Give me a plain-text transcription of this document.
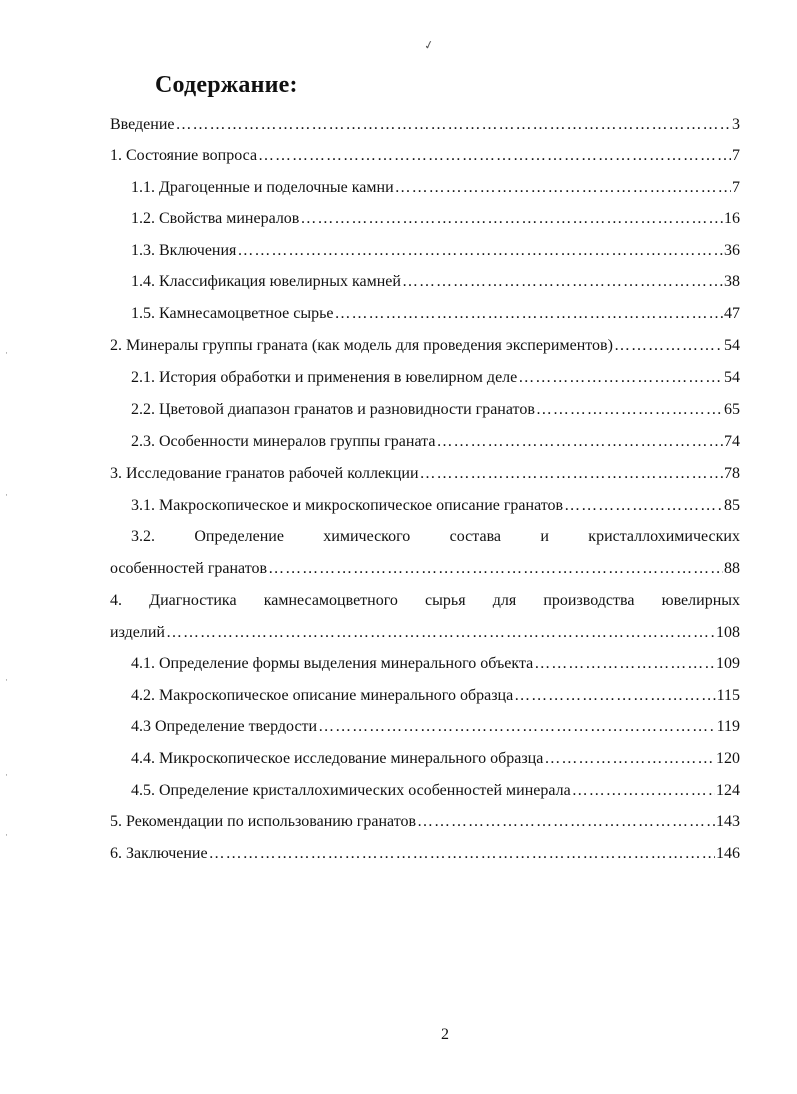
✓
Содержание:
Введение ………………………………………………………………………………………………………………………………………………………………………………………………………………	3
1. Состояние вопроса ………………………………………………………………………………………………………………………………………………………………………………………………………………	7
1.1. Драгоценные и поделочные камни ………………………………………………………………………………………………………………………………………………………………………………………………………………	7
1.2. Свойства минералов ………………………………………………………………………………………………………………………………………………………………………………………………………………	16
1.3. Включения ………………………………………………………………………………………………………………………………………………………………………………………………………………	36
1.4. Классификация ювелирных камней ………………………………………………………………………………………………………………………………………………………………………………………………………………	38
1.5. Камнесамоцветное сырье ………………………………………………………………………………………………………………………………………………………………………………………………………………	47
2. Минералы группы граната (как модель для проведения экспериментов) ………………………………………………………………………………………………………………………………………………………………………………………………………………	54
2.1. История обработки и применения в ювелирном деле ………………………………………………………………………………………………………………………………………………………………………………………………………………	54
2.2. Цветовой диапазон гранатов и разновидности гранатов ………………………………………………………………………………………………………………………………………………………………………………………………………………	65
2.3. Особенности минералов группы граната ………………………………………………………………………………………………………………………………………………………………………………………………………………	74
3. Исследование гранатов рабочей коллекции ………………………………………………………………………………………………………………………………………………………………………………………………………………	78
3.1. Макроскопическое и микроскопическое описание гранатов ………………………………………………………………………………………………………………………………………………………………………………………………………………	85
3.2. Определение химического состава и кристаллохимических
особенностей гранатов ………………………………………………………………………………………………………………………………………………………………………………………………………………	88
4. Диагностика камнесамоцветного сырья для производства ювелирных
изделий ………………………………………………………………………………………………………………………………………………………………………………………………………………	108
4.1. Определение формы выделения минерального объекта ………………………………………………………………………………………………………………………………………………………………………………………………………………	109
4.2. Макроскопическое описание минерального образца ………………………………………………………………………………………………………………………………………………………………………………………………………………	115
4.3 Определение твердости ………………………………………………………………………………………………………………………………………………………………………………………………………………	119
4.4. Микроскопическое исследование минерального образца ………………………………………………………………………………………………………………………………………………………………………………………………………………	120
4.5. Определение кристаллохимических особенностей минерала ………………………………………………………………………………………………………………………………………………………………………………………………………………	124
5. Рекомендации по использованию гранатов ………………………………………………………………………………………………………………………………………………………………………………………………………………	143
6. Заключение ………………………………………………………………………………………………………………………………………………………………………………………………………………	146
·
·
·
·
·
2
